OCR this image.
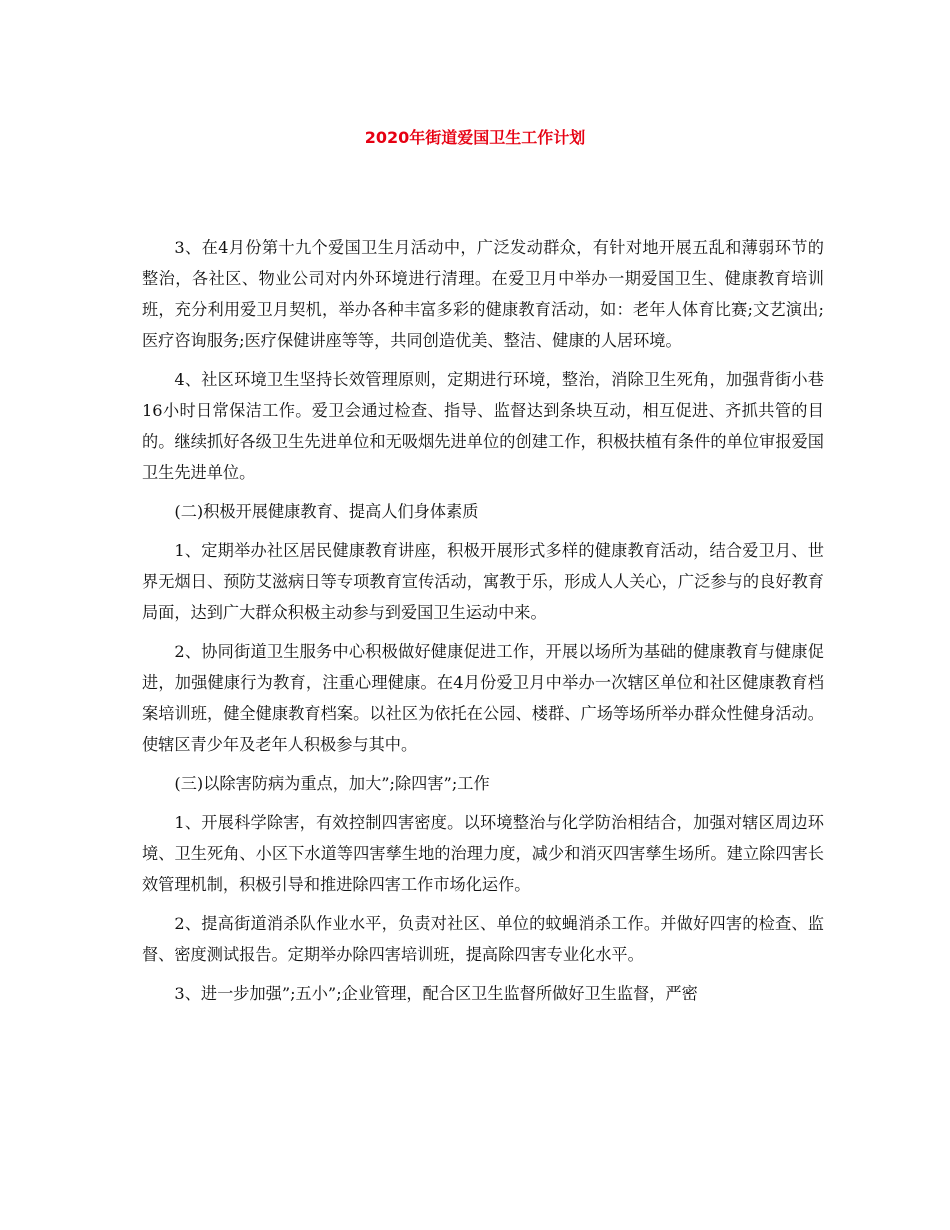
2020年街道爱国卫生工作计划

3、在4月份第十九个爱国卫生月活动中，广泛发动群众，有针对地开展五乱和薄弱环节的整治，各社区、物业公司对内外环境进行清理。在爱卫月中举办一期爱国卫生、健康教育培训班，充分利用爱卫月契机，举办各种丰富多彩的健康教育活动，如：老年人体育比赛;文艺演出;医疗咨询服务;医疗保健讲座等等，共同创造优美、整洁、健康的人居环境。

4、社区环境卫生坚持长效管理原则，定期进行环境，整治，消除卫生死角，加强背街小巷16小时日常保洁工作。爱卫会通过检查、指导、监督达到条块互动，相互促进、齐抓共管的目的。继续抓好各级卫生先进单位和无吸烟先进单位的创建工作，积极扶植有条件的单位审报爱国卫生先进单位。

(二)积极开展健康教育、提高人们身体素质

1、定期举办社区居民健康教育讲座，积极开展形式多样的健康教育活动，结合爱卫月、世界无烟日、预防艾滋病日等专项教育宣传活动，寓教于乐，形成人人关心，广泛参与的良好教育局面，达到广大群众积极主动参与到爱国卫生运动中来。

2、协同街道卫生服务中心积极做好健康促进工作，开展以场所为基础的健康教育与健康促进，加强健康行为教育，注重心理健康。在4月份爱卫月中举办一次辖区单位和社区健康教育档案培训班，健全健康教育档案。以社区为依托在公园、楼群、广场等场所举办群众性健身活动。使辖区青少年及老年人积极参与其中。

(三)以除害防病为重点，加大”;除四害”;工作

1、开展科学除害，有效控制四害密度。以环境整治与化学防治相结合，加强对辖区周边环境、卫生死角、小区下水道等四害孳生地的治理力度，减少和消灭四害孳生场所。建立除四害长效管理机制，积极引导和推进除四害工作市场化运作。

2、提高街道消杀队作业水平，负责对社区、单位的蚊蝇消杀工作。并做好四害的检查、监督、密度测试报告。定期举办除四害培训班，提高除四害专业化水平。

3、进一步加强”;五小”;企业管理，配合区卫生监督所做好卫生监督，严密
